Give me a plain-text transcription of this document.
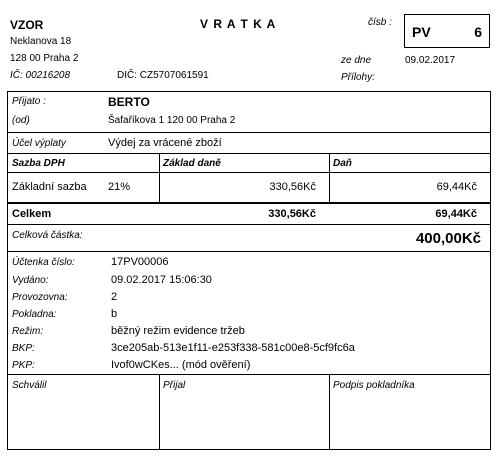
VZOR
Neklanova 18
128 00 Praha 2
IČ: 00216208	DIČ: CZ5707061591
V R A T K A	čísb :
PV	6
ze dne	09.02.2017
Přílohy:
Přijato :	BERTO
(od)	Šafaříkova 1 120 00 Praha 2
Účel výplaty	Výdej za vrácené zboží
Sazba DPH	Základ daně	Daň
Základní sazba 21%	330,56Kč	69,44Kč
Celkem	330,56Kč	69,44Kč
Celková částka:	400,00Kč
Účtenka číslo:	17PV00006
Vydáno:	09.02.2017 15:06:30
Provozovna:	2
Pokladna:	b
Režim:	běžný režim evidence tržeb
BKP:	3ce205ab-513e1f11-e253f338-581c00e8-5cf9fc6a
PKP:	Ivof0wCKes... (mód ověření)
Schválil	Přijal	Podpis pokladníka
